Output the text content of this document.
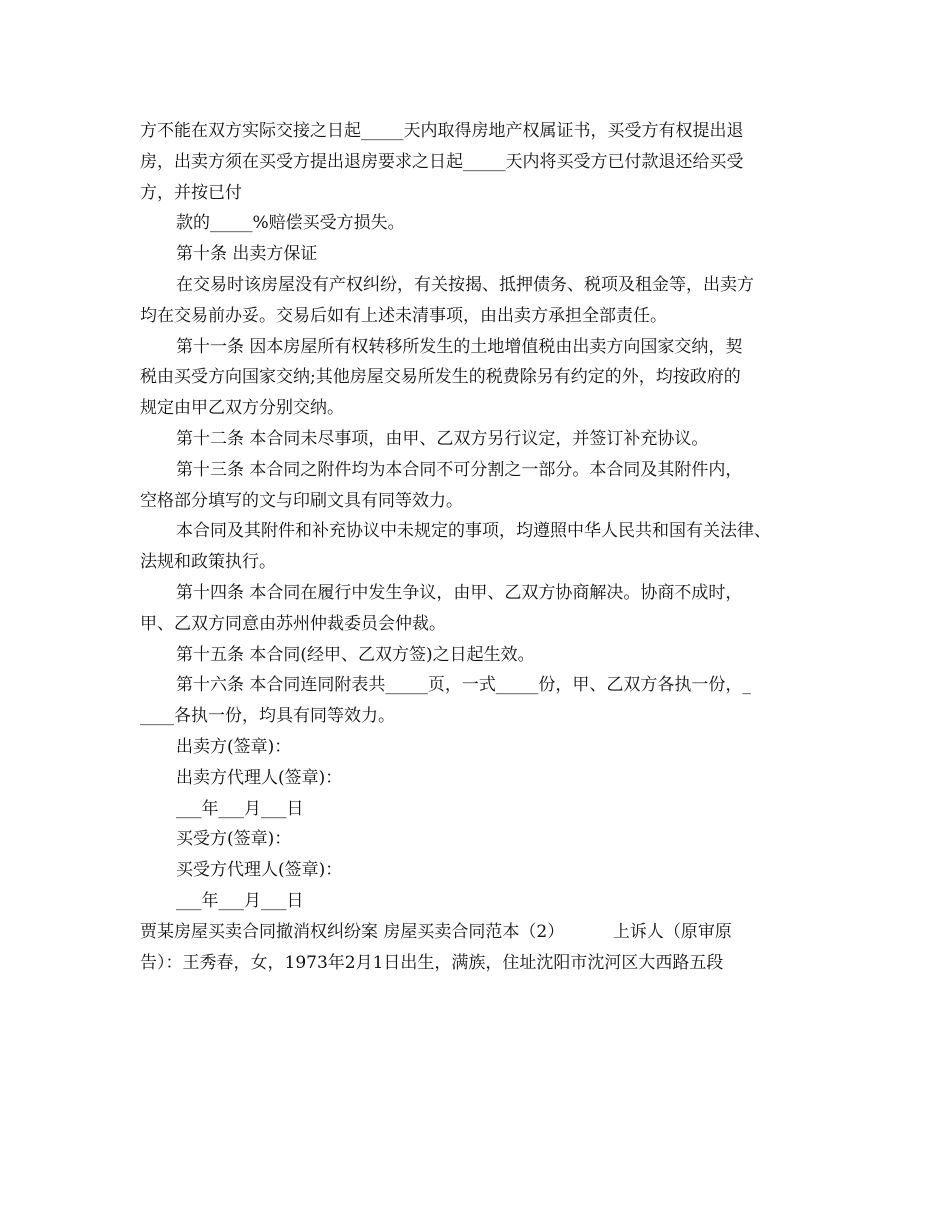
方不能在双方实际交接之日起_____天内取得房地产权属证书，买受方有权提出退
房，出卖方须在买受方提出退房要求之日起_____天内将买受方已付款退还给买受
方，并按已付
款的_____%赔偿买受方损失。
第十条 出卖方保证
在交易时该房屋没有产权纠纷，有关按揭、抵押债务、税项及租金等，出卖方
均在交易前办妥。交易后如有上述未清事项，由出卖方承担全部责任。
第十一条 因本房屋所有权转移所发生的土地增值税由出卖方向国家交纳，契
税由买受方向国家交纳;其他房屋交易所发生的税费除另有约定的外，均按政府的
规定由甲乙双方分别交纳。
第十二条 本合同未尽事项，由甲、乙双方另行议定，并签订补充协议。
第十三条 本合同之附件均为本合同不可分割之一部分。本合同及其附件内，
空格部分填写的文与印刷文具有同等效力。
本合同及其附件和补充协议中未规定的事项，均遵照中华人民共和国有关法律、
法规和政策执行。
第十四条 本合同在履行中发生争议，由甲、乙双方协商解决。协商不成时，
甲、乙双方同意由苏州仲裁委员会仲裁。
第十五条 本合同(经甲、乙双方签)之日起生效。
第十六条 本合同连同附表共_____页，一式_____份，甲、乙双方各执一份，_
____各执一份，均具有同等效力。
出卖方(签章)：
出卖方代理人(签章)：
___年___月___日
买受方(签章)：
买受方代理人(签章)：
___年___月___日
贾某房屋买卖合同撤消权纠纷案 房屋买卖合同范本（2）         上诉人（原审原
告）：王秀春，女，1973年2月1日出生，满族，住址沈阳市沈河区大西路五段
